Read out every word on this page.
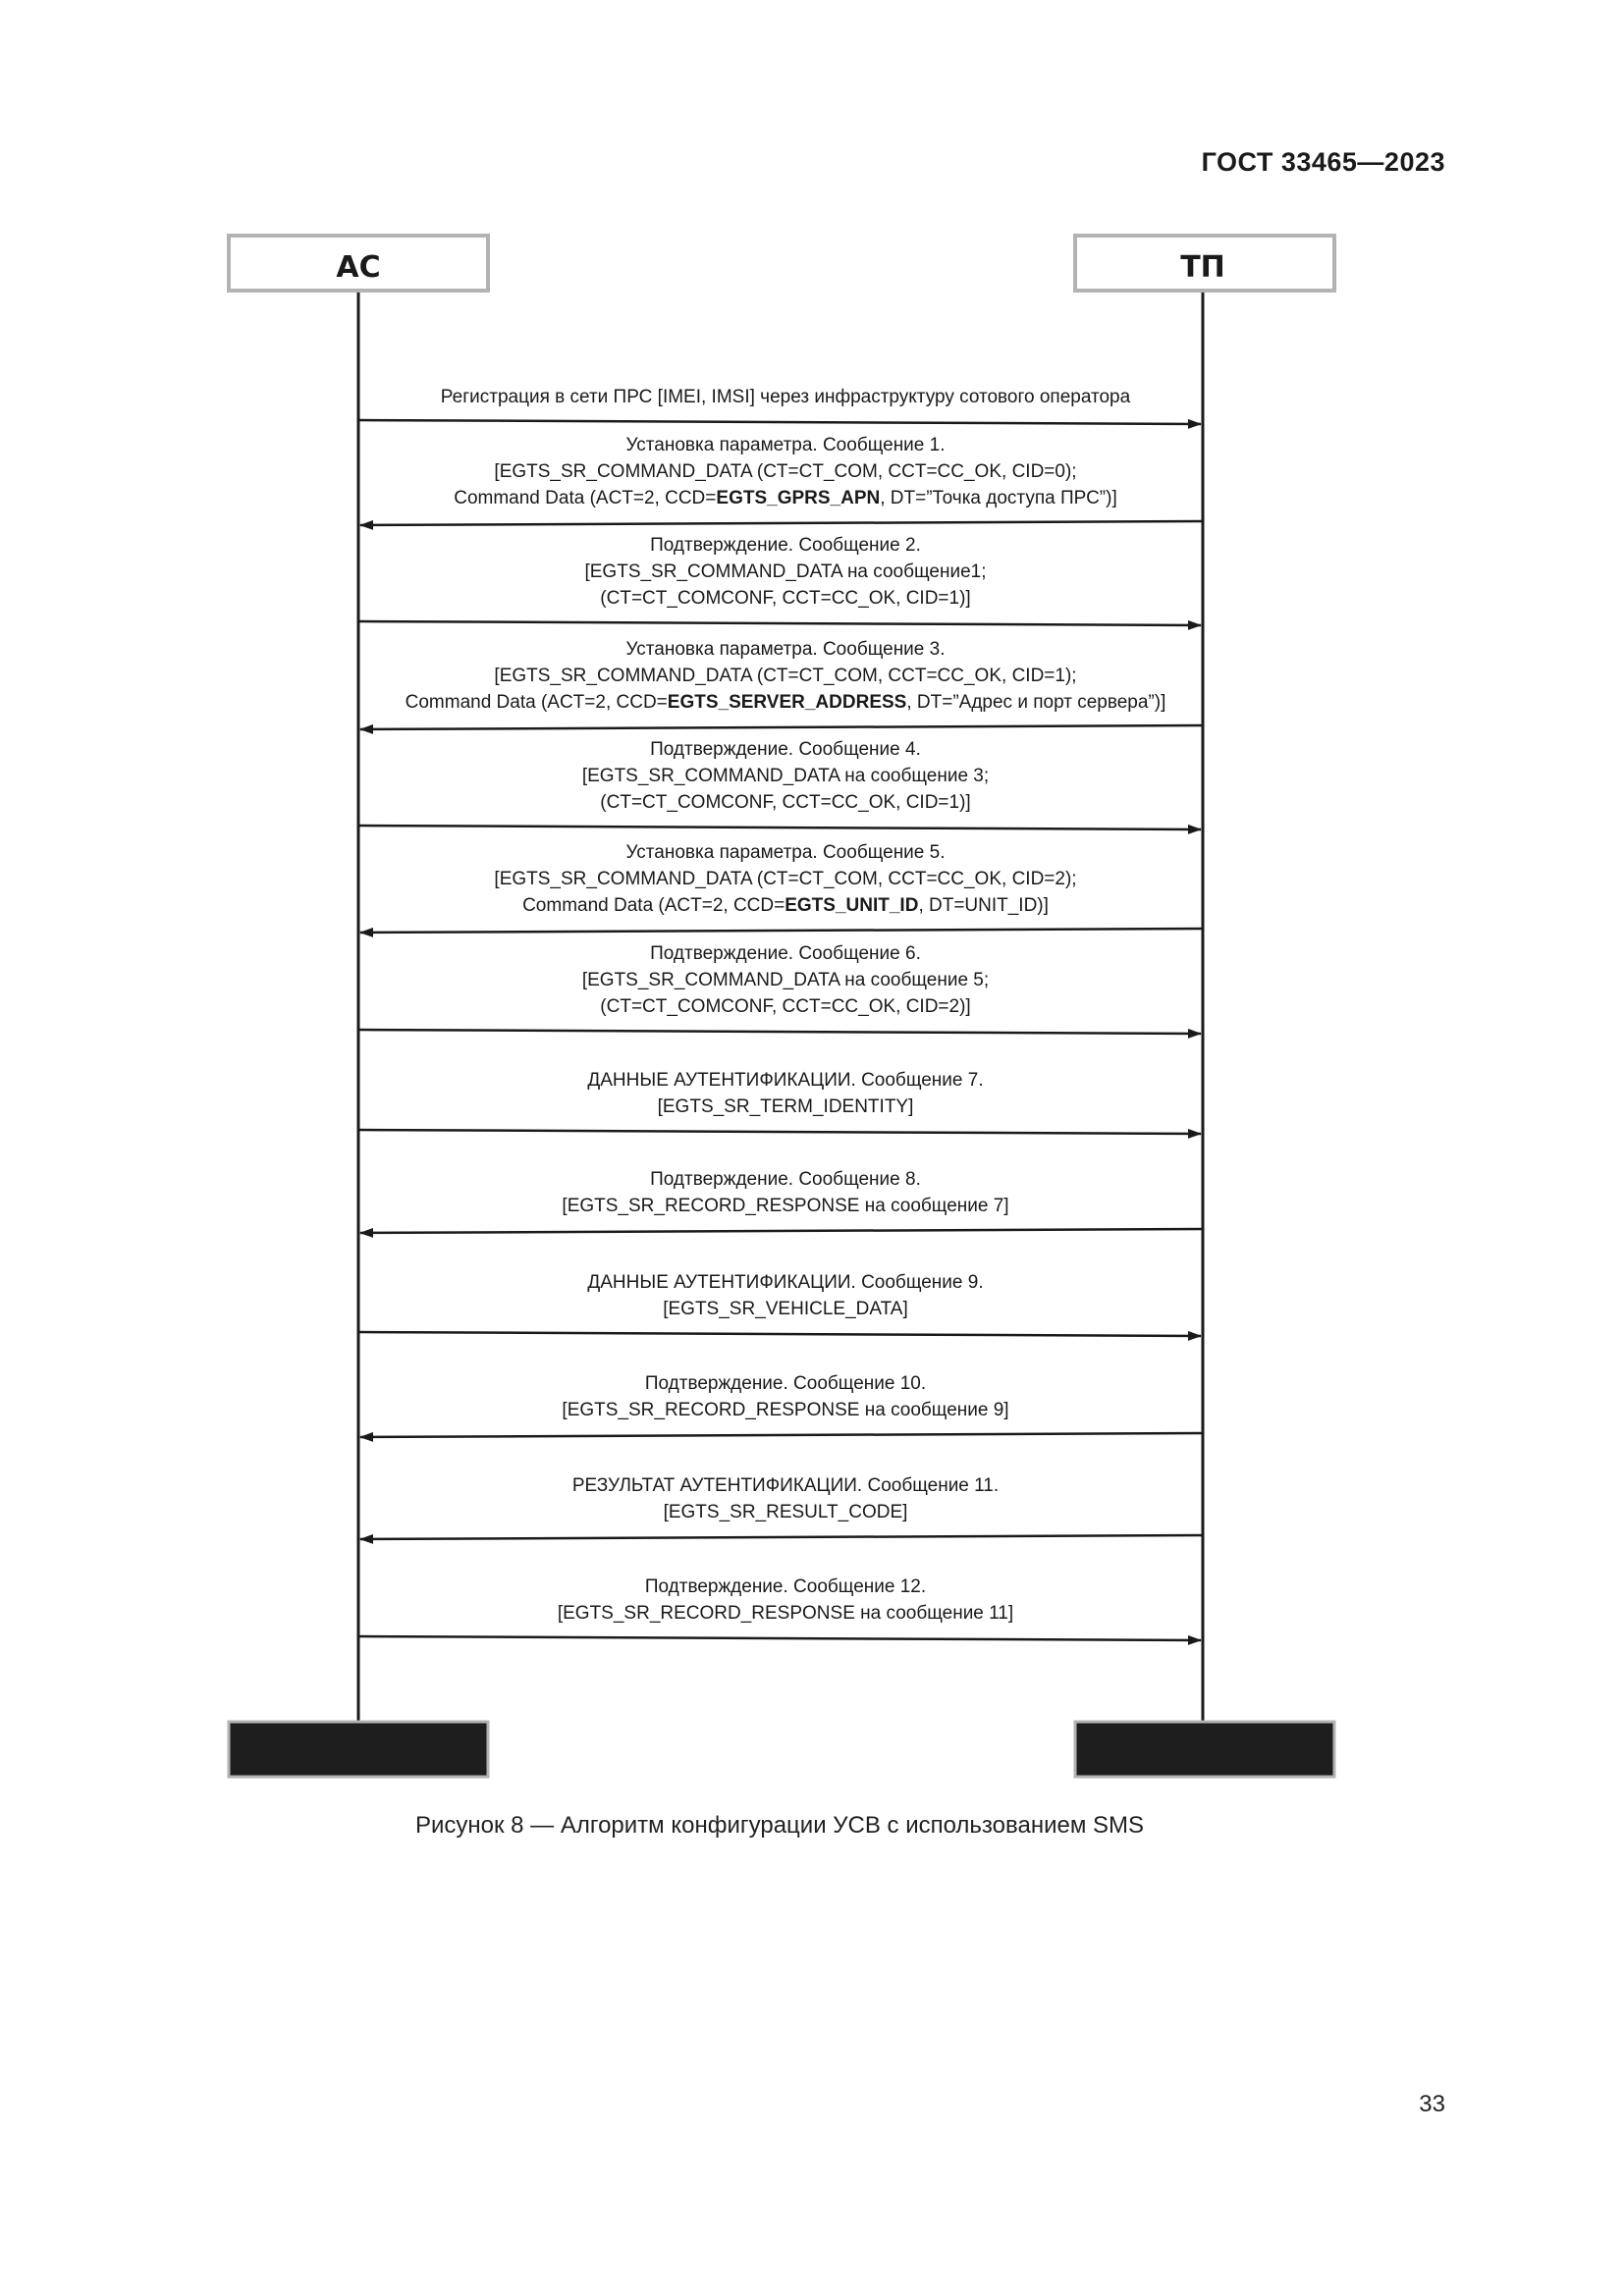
ГОСТ 33465—2023
АС	ТП
Регистрация в сети ПРС [IMEI, IMSI] через инфраструктуру сотового оператора
Установка параметра. Сообщение 1.
[EGTS_SR_COMMAND_DATA (CT=CT_COM, CCT=CC_OK, CID=0);
Command Data (ACT=2, CCD=EGTS_GPRS_APN, DT=”Точка доступа ПРС”)]
Подтверждение. Сообщение 2.
[EGTS_SR_COMMAND_DATA на сообщение1;
(CT=CT_COMCONF, CCT=CC_OK, CID=1)]
Установка параметра. Сообщение 3.
[EGTS_SR_COMMAND_DATA (CT=CT_COM, CCT=CC_OK, CID=1);
Command Data (ACT=2, CCD=EGTS_SERVER_ADDRESS, DT=”Адрес и порт сервера”)]
Подтверждение. Сообщение 4.
[EGTS_SR_COMMAND_DATA на сообщение 3;
(CT=CT_COMCONF, CCT=CC_OK, CID=1)]
Установка параметра. Сообщение 5.
[EGTS_SR_COMMAND_DATA (CT=CT_COM, CCT=CC_OK, CID=2);
Command Data (ACT=2, CCD=EGTS_UNIT_ID, DT=UNIT_ID)]
Подтверждение. Сообщение 6.
[EGTS_SR_COMMAND_DATA на сообщение 5;
(CT=CT_COMCONF, CCT=CC_OK, CID=2)]
ДАННЫЕ АУТЕНТИФИКАЦИИ. Сообщение 7.
[EGTS_SR_TERM_IDENTITY]
Подтверждение. Сообщение 8.
[EGTS_SR_RECORD_RESPONSE на сообщение 7]
ДАННЫЕ АУТЕНТИФИКАЦИИ. Сообщение 9.
[EGTS_SR_VEHICLE_DATA]
Подтверждение. Сообщение 10.
[EGTS_SR_RECORD_RESPONSE на сообщение 9]
РЕЗУЛЬТАТ АУТЕНТИФИКАЦИИ. Сообщение 11.
[EGTS_SR_RESULT_CODE]
Подтверждение. Сообщение 12.
[EGTS_SR_RECORD_RESPONSE на сообщение 11]
Рисунок 8 — Алгоритм конфигурации УСВ с использованием SMS
33
